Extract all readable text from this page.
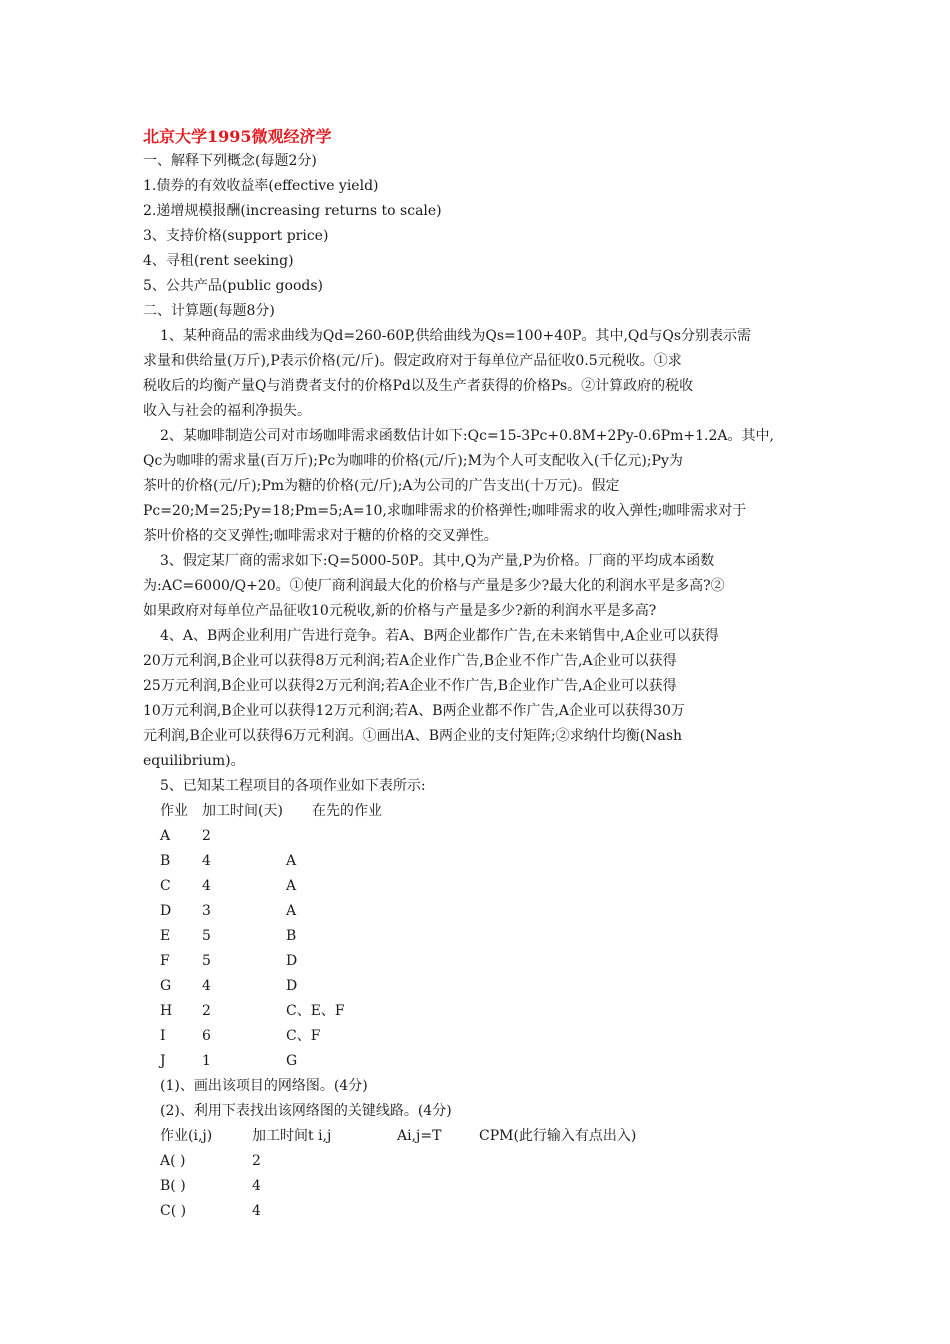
北京大学1995微观经济学
一、解释下列概念(每题2分)
1.债券的有效收益率(effective yield)
2.递增规模报酬(increasing returns to scale)
3、支持价格(support price)
4、寻租(rent seeking)
5、公共产品(public goods)
二、计算题(每题8分)
1、某种商品的需求曲线为Qd=260-60P,供给曲线为Qs=100+40P。其中,Qd与Qs分别表示需
求量和供给量(万斤),P表示价格(元/斤)。假定政府对于每单位产品征收0.5元税收。①求
税收后的均衡产量Q与消费者支付的价格Pd以及生产者获得的价格Ps。②计算政府的税收
收入与社会的福利净损失。
2、某咖啡制造公司对市场咖啡需求函数估计如下:Qc=15-3Pc+0.8M+2Py-0.6Pm+1.2A。其中,
Qc为咖啡的需求量(百万斤);Pc为咖啡的价格(元/斤);M为个人可支配收入(千亿元);Py为
茶叶的价格(元/斤);Pm为糖的价格(元/斤);A为公司的广告支出(十万元)。假定
Pc=20;M=25;Py=18;Pm=5;A=10,求咖啡需求的价格弹性;咖啡需求的收入弹性;咖啡需求对于
茶叶价格的交叉弹性;咖啡需求对于糖的价格的交叉弹性。
3、假定某厂商的需求如下:Q=5000-50P。其中,Q为产量,P为价格。厂商的平均成本函数
为:AC=6000/Q+20。①使厂商利润最大化的价格与产量是多少?最大化的利润水平是多高?②
如果政府对每单位产品征收10元税收,新的价格与产量是多少?新的利润水平是多高?
4、A、B两企业利用广告进行竞争。若A、B两企业都作广告,在未来销售中,A企业可以获得
20万元利润,B企业可以获得8万元利润;若A企业作广告,B企业不作广告,A企业可以获得
25万元利润,B企业可以获得2万元利润;若A企业不作广告,B企业作广告,A企业可以获得
10万元利润,B企业可以获得12万元利润;若A、B两企业都不作广告,A企业可以获得30万
元利润,B企业可以获得6万元利润。①画出A、B两企业的支付矩阵;②求纳什均衡(Nash
equilibrium)。
5、已知某工程项目的各项作业如下表所示:
作业	加工时间(天)	在先的作业
A	2
B	4	A
C	4	A
D	3	A
E	5	B
F	5	D
G	4	D
H	2	C、E、F
I	6	C、F
J	1	G
(1)、画出该项目的网络图。(4分)
(2)、利用下表找出该网络图的关键线路。(4分)
作业(i,j)	加工时间t i,j	Ai,j=T	CPM(此行输入有点出入)
A( )	2
B( )	4
C( )	4
